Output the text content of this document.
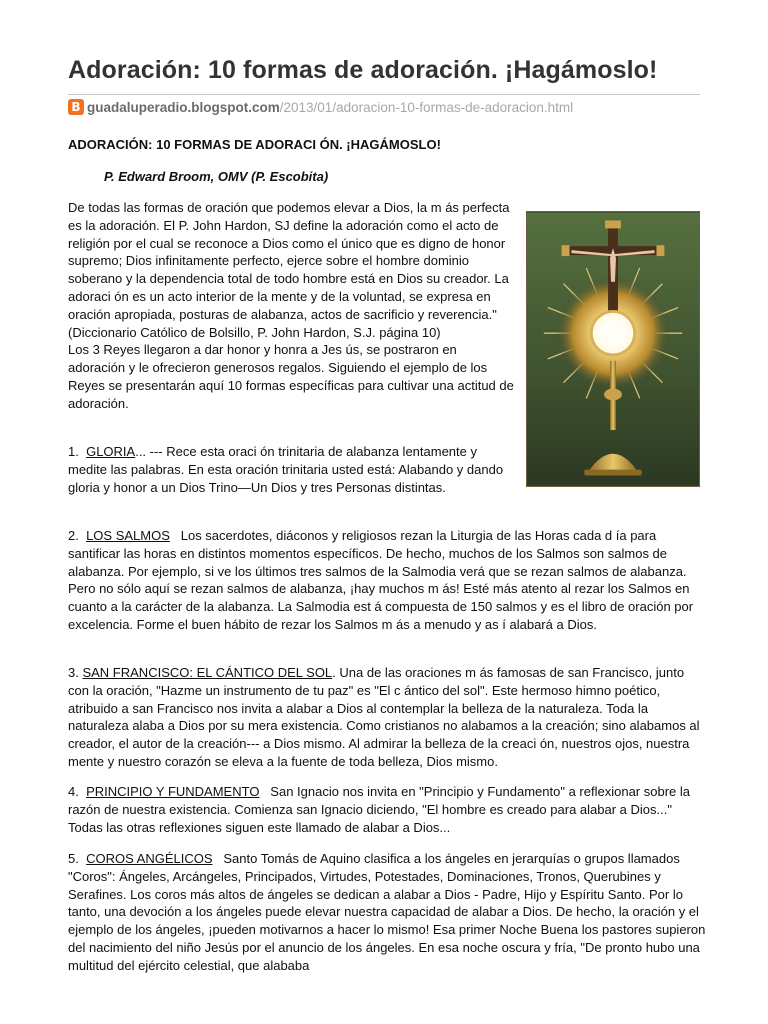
Adoración: 10 formas de adoración. ¡Hagámoslo!
B guadaluperadio.blogspot.com /2013/01/adoracion-10-formas-de-adoracion.html
ADORACIÓN: 10 FORMAS DE ADORACI ÓN. ¡HAGÁMOSLO!
P. Edward Broom, OMV (P. Escobita)
De todas las formas de oración que podemos elevar a Dios, la m ás perfecta es la adoración. El P. John Hardon, SJ define la adoración como el acto de religión por el cual se reconoce a Dios como el único que es digno de honor supremo; Dios infinitamente perfecto, ejerce sobre el hombre dominio soberano y la dependencia total de todo hombre está en Dios su creador. La adoraci ón es un acto interior de la mente y de la voluntad, se expresa en oración apropiada, posturas de alabanza, actos de sacrificio y reverencia." (Diccionario Católico de Bolsillo, P. John Hardon, S.J. página 10)
Los 3 Reyes llegaron a dar honor y honra a Jes ús, se postraron en adoración y le ofrecieron generosos regalos. Siguiendo el ejemplo de los Reyes se presentarán aquí 10 formas específicas para cultivar una actitud de adoración.
1. GLORIA... --- Rece esta oraci ón trinitaria de alabanza lentamente y medite las palabras. En esta oración trinitaria usted está: Alabando y dando gloria y honor a un Dios Trino—Un Dios y tres Personas distintas.
2. LOS SALMOS Los sacerdotes, diáconos y religiosos rezan la Liturgia de las Horas cada d ía para santificar las horas en distintos momentos específicos. De hecho, muchos de los Salmos son salmos de alabanza. Por ejemplo, si ve los últimos tres salmos de la Salmodia verá que se rezan salmos de alabanza. Pero no sólo aquí se rezan salmos de alabanza, ¡hay muchos m ás! Esté más atento al rezar los Salmos en cuanto a la carácter de la alabanza. La Salmodia est á compuesta de 150 salmos y es el libro de oración por excelencia. Forme el buen hábito de rezar los Salmos m ás a menudo y as í alabará a Dios.
3. SAN FRANCISCO: EL CÁNTICO DEL SOL. Una de las oraciones m ás famosas de san Francisco, junto con la oración, "Hazme un instrumento de tu paz" es "El c ántico del sol". Este hermoso himno poético, atribuido a san Francisco nos invita a alabar a Dios al contemplar la belleza de la naturaleza. Toda la naturaleza alaba a Dios por su mera existencia. Como cristianos no alabamos a la creación; sino alabamos al creador, el autor de la creación--- a Dios mismo. Al admirar la belleza de la creaci ón, nuestros ojos, nuestra mente y nuestro corazón se eleva a la fuente de toda belleza, Dios mismo.
4. PRINCIPIO Y FUNDAMENTO San Ignacio nos invita en "Principio y Fundamento" a reflexionar sobre la razón de nuestra existencia. Comienza san Ignacio diciendo, "El hombre es creado para alabar a Dios..." Todas las otras reflexiones siguen este llamado de alabar a Dios...
5. COROS ANGÉLICOS Santo Tomás de Aquino clasifica a los ángeles en jerarquías o grupos llamados "Coros": Ángeles, Arcángeles, Principados, Virtudes, Potestades, Dominaciones, Tronos, Querubines y Serafines. Los coros más altos de ángeles se dedican a alabar a Dios - Padre, Hijo y Espíritu Santo. Por lo tanto, una devoción a los ángeles puede elevar nuestra capacidad de alabar a Dios. De hecho, la oración y el ejemplo de los ángeles, ¡pueden motivarnos a hacer lo mismo! Esa primer Noche Buena los pastores supieron del nacimiento del niño Jesús por el anuncio de los ángeles. En esa noche oscura y fría, "De pronto hubo una multitud del ejército celestial, que alababa
